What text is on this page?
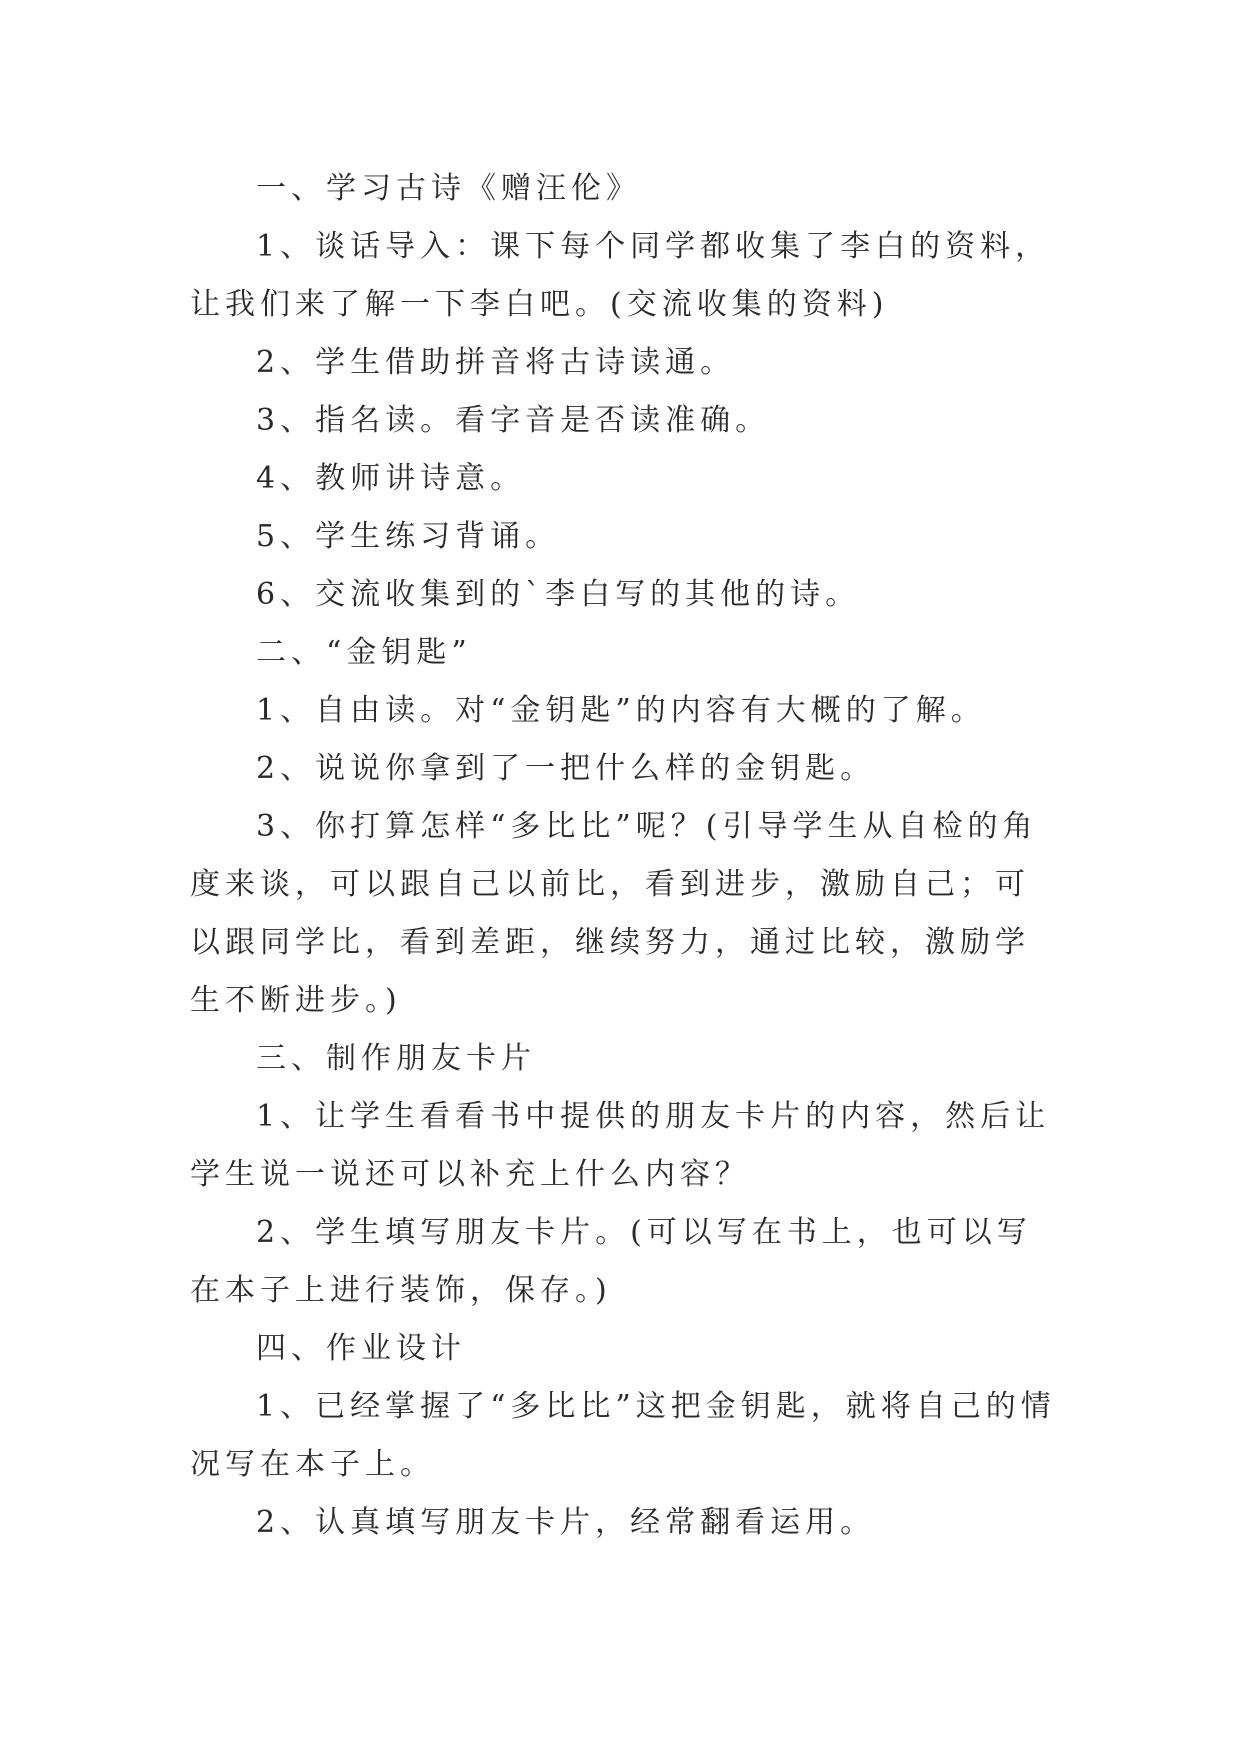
一、学习古诗《赠汪伦》

1、谈话导入：课下每个同学都收集了李白的资料，让我们来了解一下李白吧。(交流收集的资料)

2、学生借助拼音将古诗读通。

3、指名读。看字音是否读准确。

4、教师讲诗意。

5、学生练习背诵。

6、交流收集到的`李白写的其他的诗。

二、“金钥匙”

1、自由读。对“金钥匙”的内容有大概的了解。

2、说说你拿到了一把什么样的金钥匙。

3、你打算怎样“多比比”呢？(引导学生从自检的角度来谈，可以跟自己以前比，看到进步，激励自己；可以跟同学比，看到差距，继续努力，通过比较，激励学生不断进步。)

三、制作朋友卡片

1、让学生看看书中提供的朋友卡片的内容，然后让学生说一说还可以补充上什么内容？

2、学生填写朋友卡片。(可以写在书上，也可以写在本子上进行装饰，保存。)

四、作业设计

1、已经掌握了“多比比”这把金钥匙，就将自己的情况写在本子上。

2、认真填写朋友卡片，经常翻看运用。
